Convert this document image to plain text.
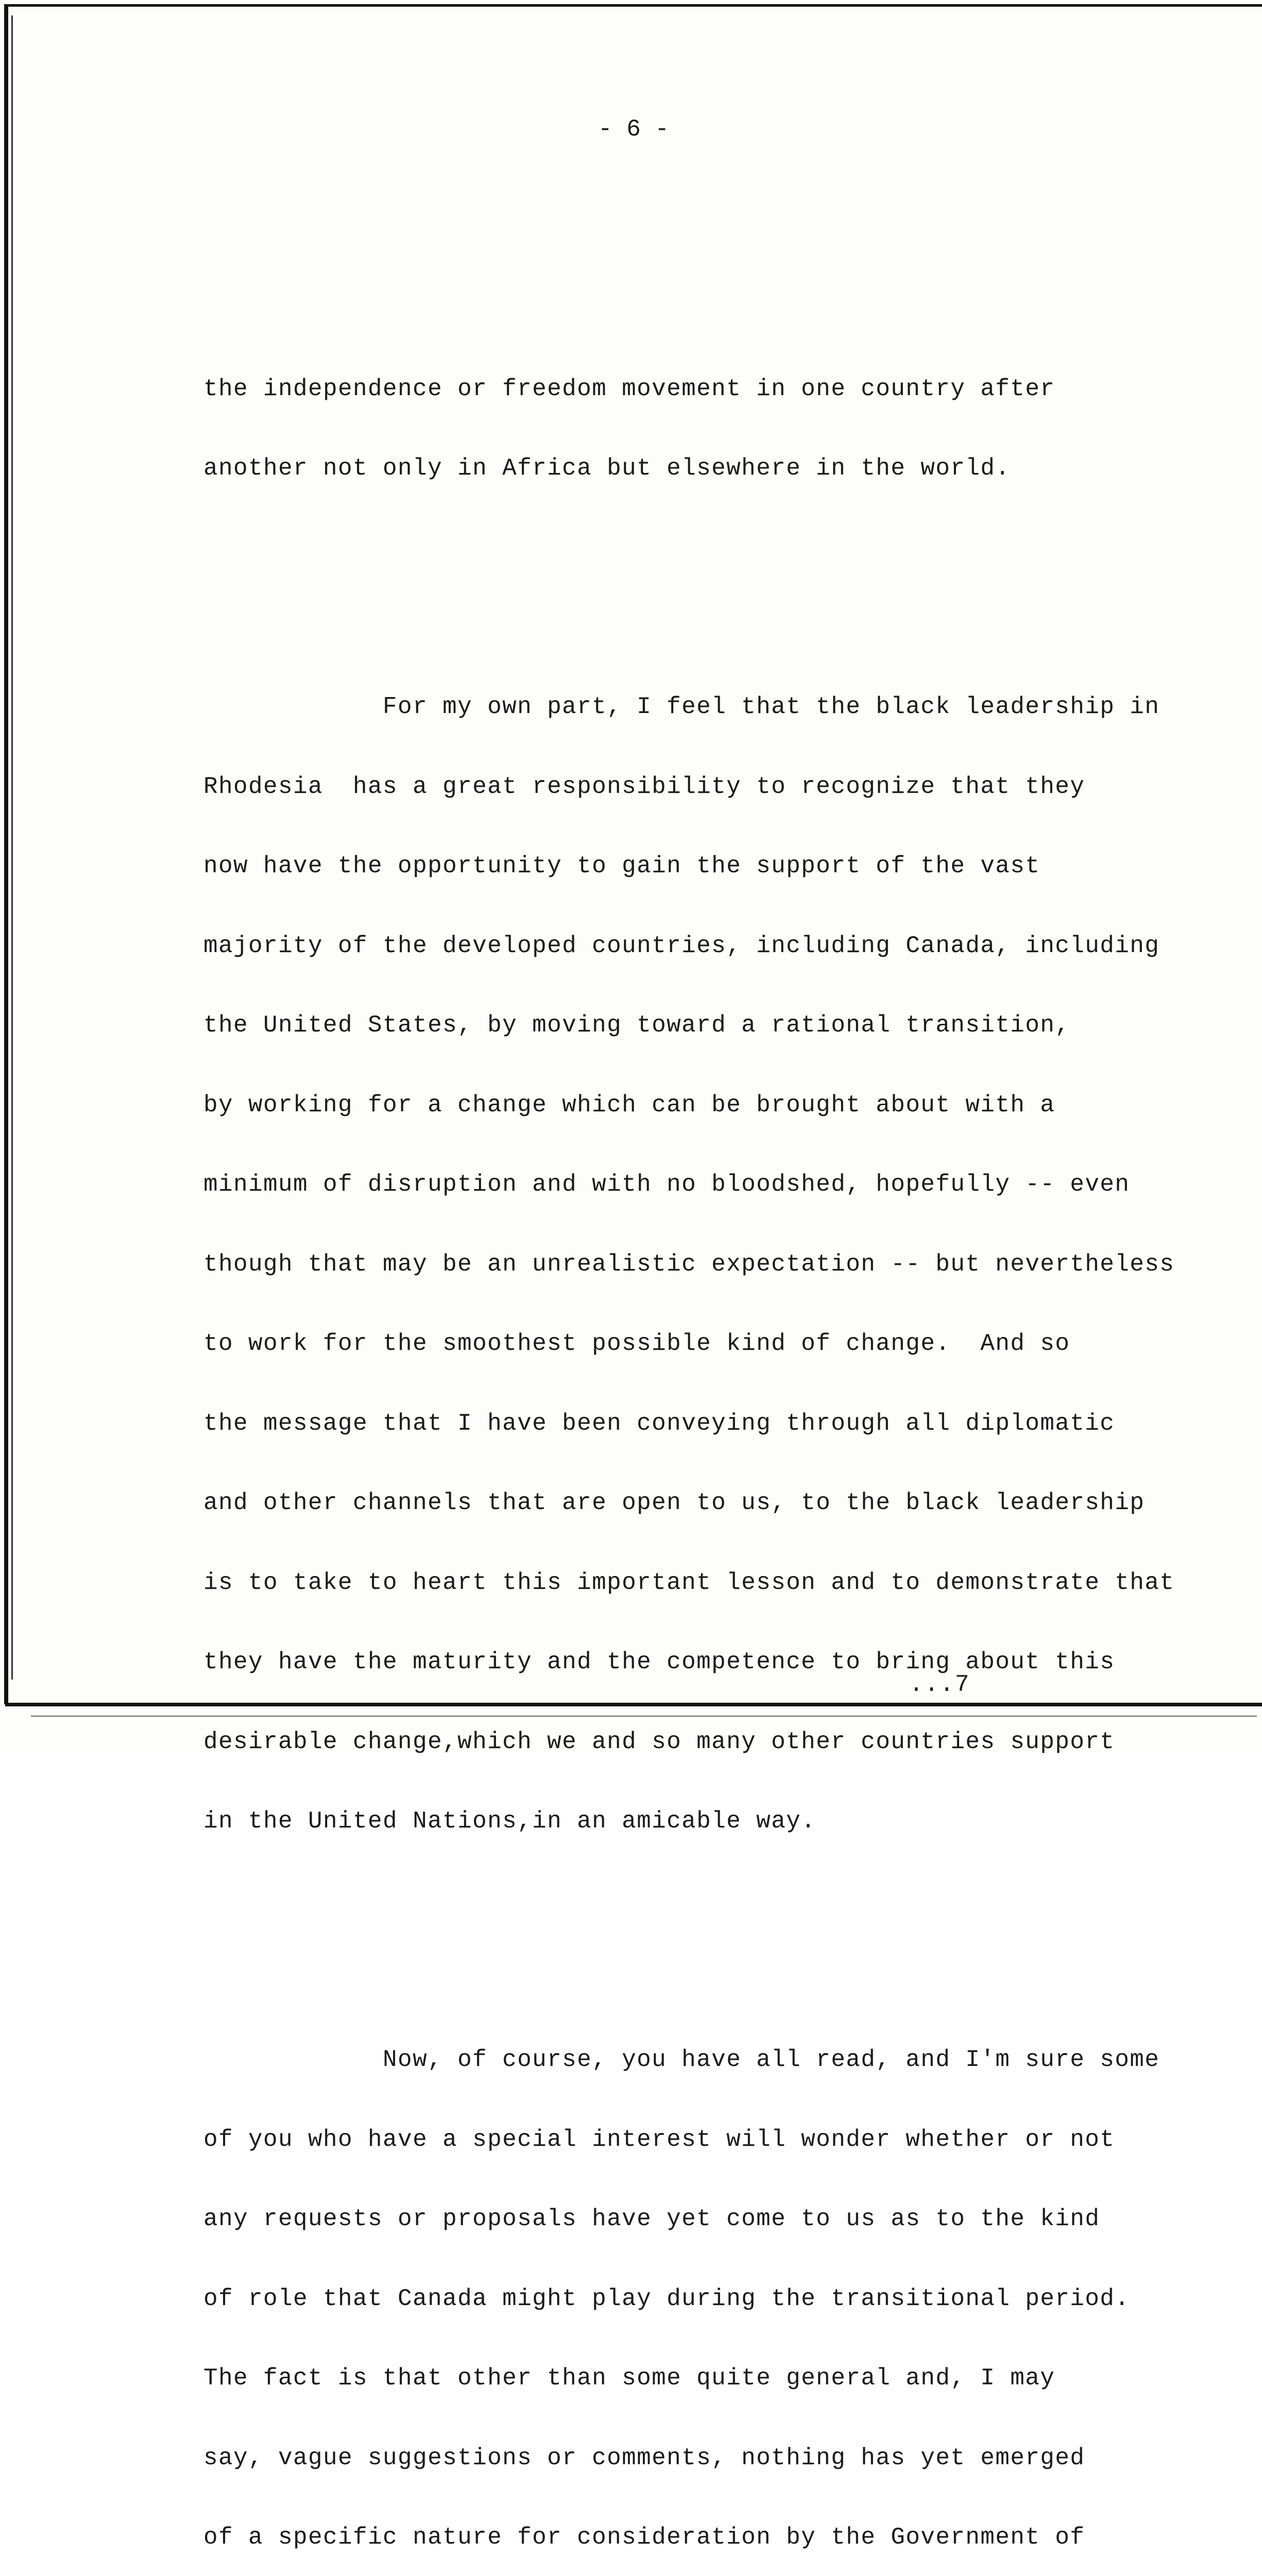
- 6 -

the independence or freedom movement in one country after

another not only in Africa but elsewhere in the world.

For my own part, I feel that the black leadership in

Rhodesia  has a great responsibility to recognize that they

now have the opportunity to gain the support of the vast

majority of the developed countries, including Canada, including

the United States, by moving toward a rational transition,

by working for a change which can be brought about with a

minimum of disruption and with no bloodshed, hopefully -- even

though that may be an unrealistic expectation -- but nevertheless

to work for the smoothest possible kind of change.  And so

the message that I have been conveying through all diplomatic

and other channels that are open to us, to the black leadership

is to take to heart this important lesson and to demonstrate that

they have the maturity and the competence to bring about this

desirable change,which we and so many other countries support

in the United Nations,in an amicable way.

Now, of course, you have all read, and I'm sure some

of you who have a special interest will wonder whether or not

any requests or proposals have yet come to us as to the kind

of role that Canada might play during the transitional period.

The fact is that other than some quite general and, I may

say, vague suggestions or comments, nothing has yet emerged

of a specific nature for consideration by the Government of

...7
